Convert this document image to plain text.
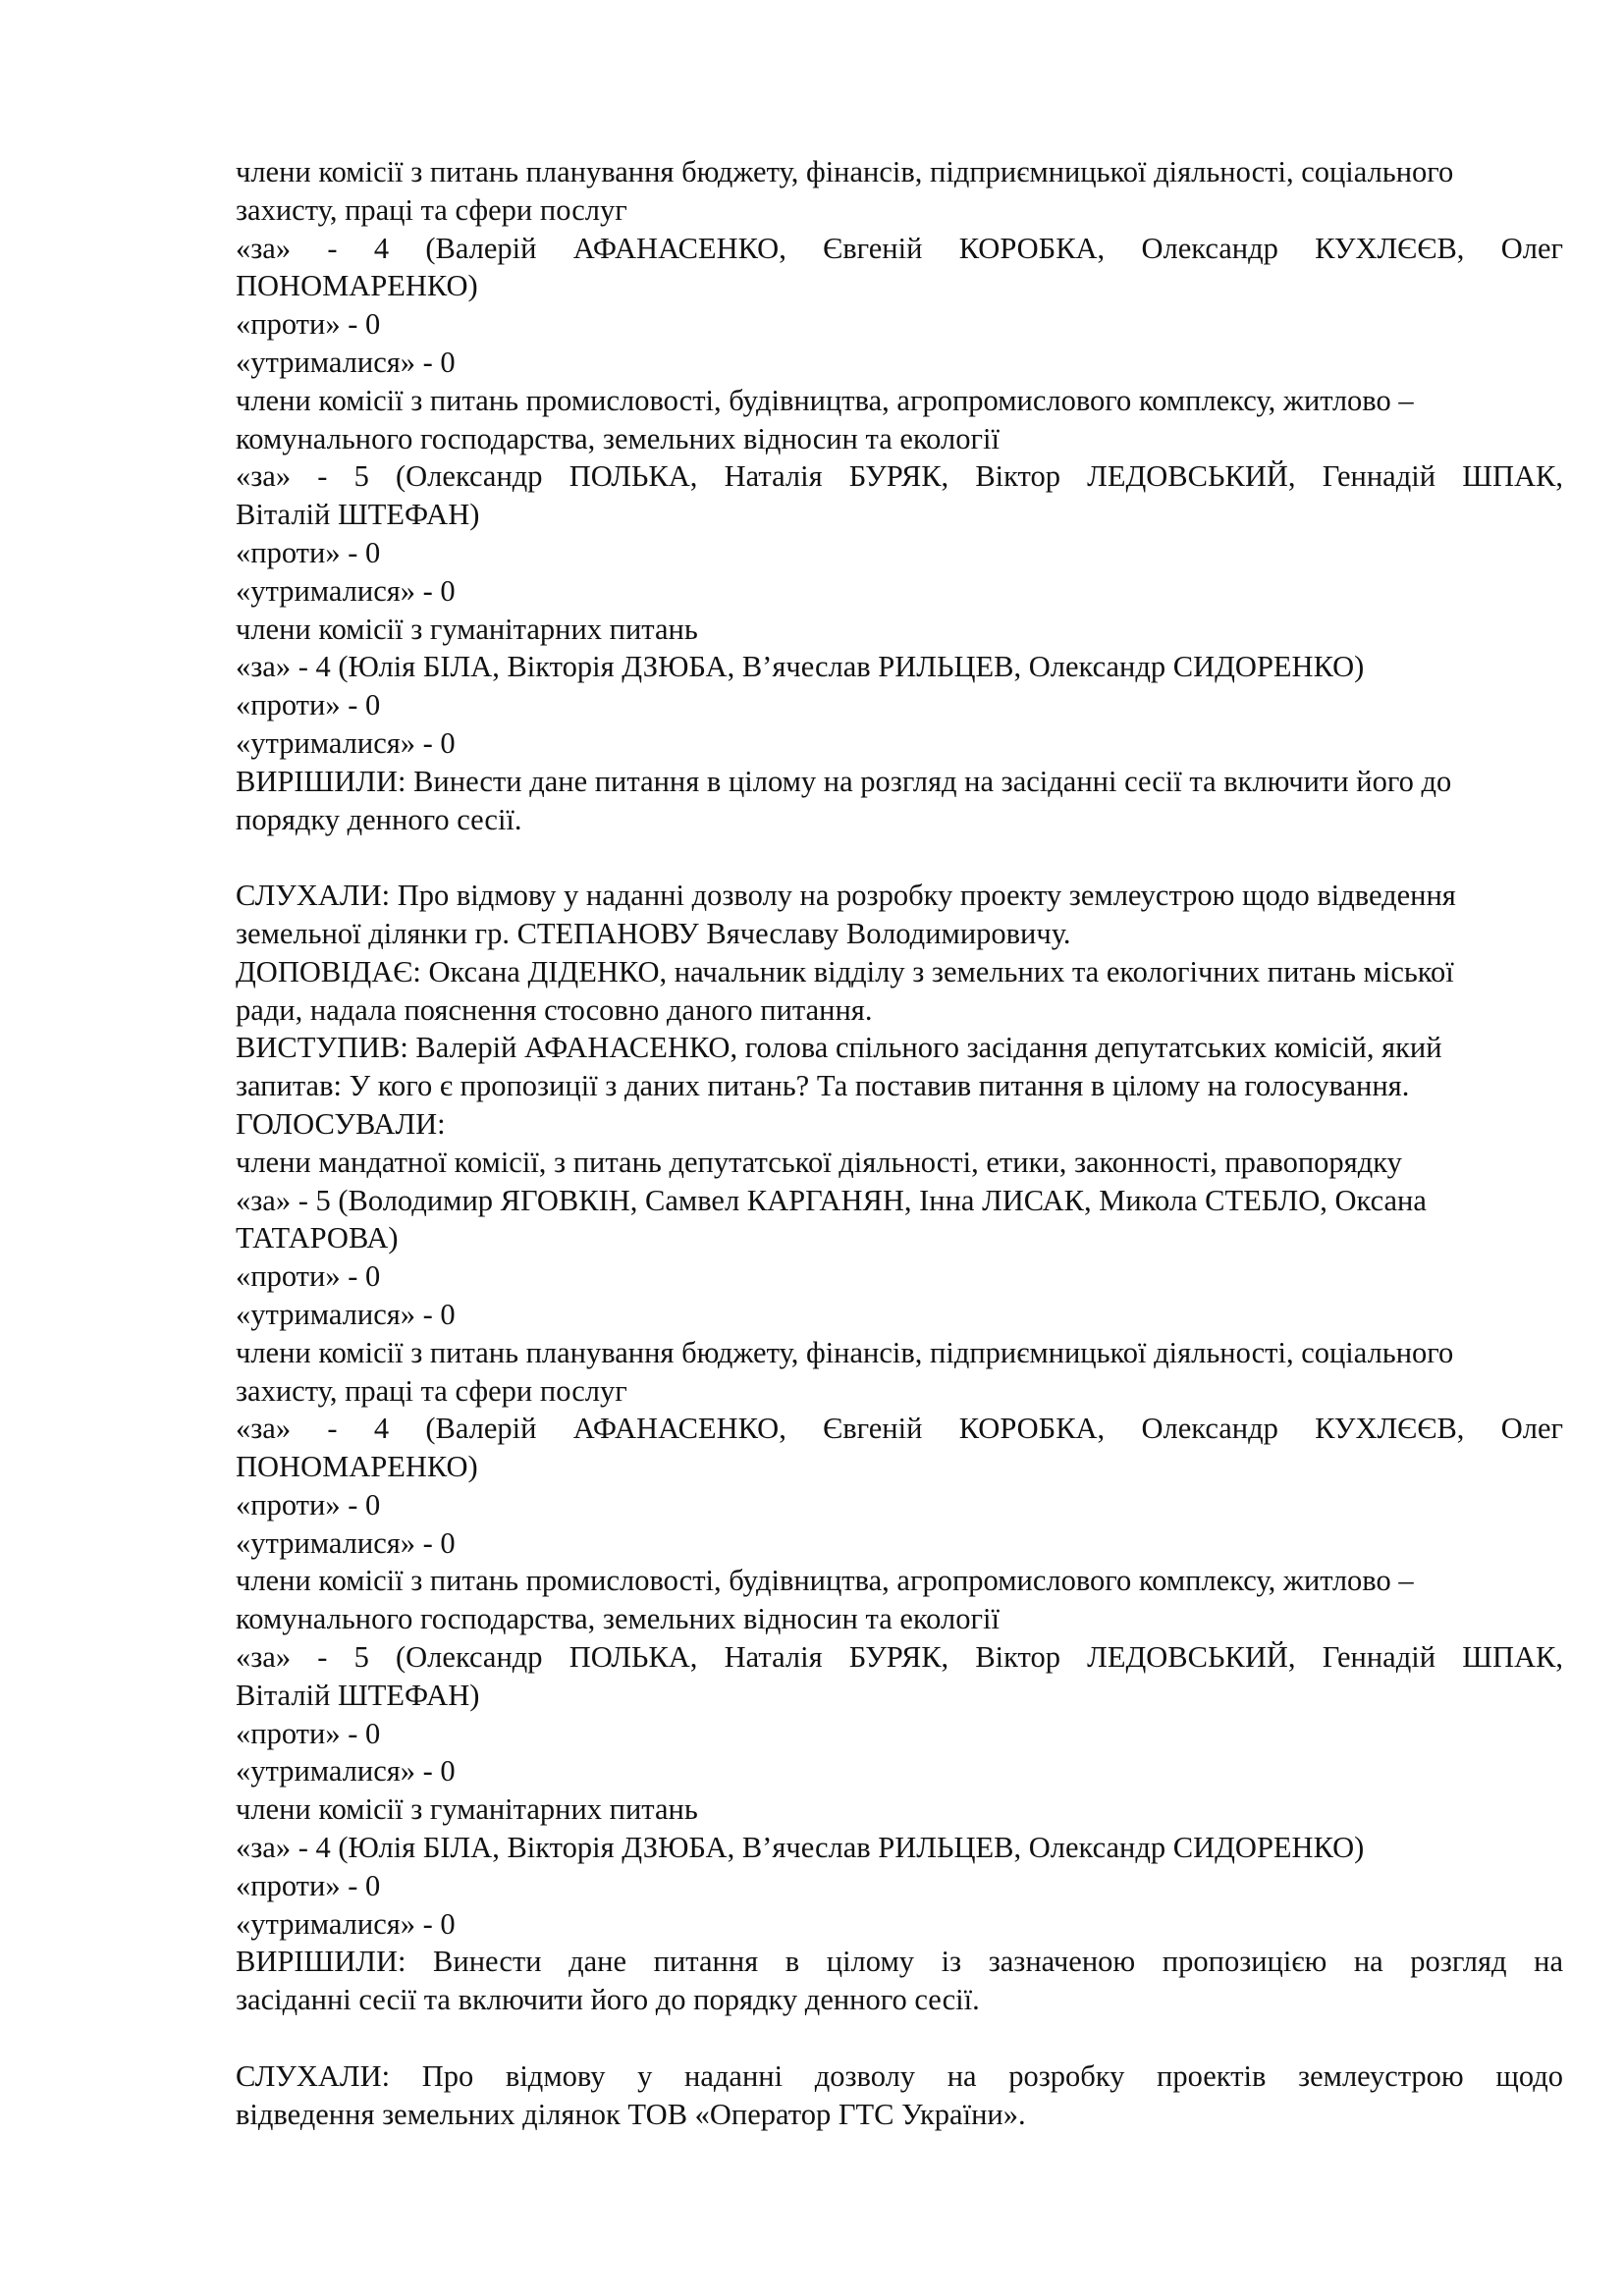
члени комісії з питань планування бюджету, фінансів, підприємницької діяльності, соціального
захисту, праці та сфери послуг
«за» - 4 (Валерій АФАНАСЕНКО, Євгеній КОРОБКА, Олександр КУХЛЄЄВ, Олег
ПОНОМАРЕНКО)
«проти» - 0
«утрималися» - 0
члени комісії з питань промисловості, будівництва, агропромислового комплексу, житлово –
комунального господарства, земельних відносин та екології
«за» - 5 (Олександр ПОЛЬКА, Наталія БУРЯК, Віктор ЛЕДОВСЬКИЙ, Геннадій ШПАК,
Віталій ШТЕФАН)
«проти» - 0
«утрималися» - 0
члени комісії з гуманітарних питань
«за» - 4 (Юлія БІЛА, Вікторія ДЗЮБА, В’ячеслав РИЛЬЦЕВ, Олександр СИДОРЕНКО)
«проти» - 0
«утрималися» - 0
ВИРІШИЛИ: Винести дане питання в цілому на розгляд на засіданні сесії та включити його до
порядку денного сесії.
СЛУХАЛИ: Про відмову у наданні дозволу на розробку проекту землеустрою щодо відведення
земельної ділянки гр. СТЕПАНОВУ Вячеславу Володимировичу.
ДОПОВІДАЄ: Оксана ДІДЕНКО, начальник відділу з земельних та екологічних питань міської
ради, надала пояснення стосовно даного питання.
ВИСТУПИВ: Валерій АФАНАСЕНКО, голова спільного засідання депутатських комісій, який
запитав: У кого є пропозиції з даних питань? Та поставив питання в цілому на голосування.
ГОЛОСУВАЛИ:
члени мандатної комісії, з питань депутатської діяльності, етики, законності, правопорядку
«за» - 5 (Володимир ЯГОВКІН, Самвел КАРГАНЯН, Інна ЛИСАК, Микола СТЕБЛО, Оксана
ТАТАРОВА)
«проти» - 0
«утрималися» - 0
члени комісії з питань планування бюджету, фінансів, підприємницької діяльності, соціального
захисту, праці та сфери послуг
«за» - 4 (Валерій АФАНАСЕНКО, Євгеній КОРОБКА, Олександр КУХЛЄЄВ, Олег
ПОНОМАРЕНКО)
«проти» - 0
«утрималися» - 0
члени комісії з питань промисловості, будівництва, агропромислового комплексу, житлово –
комунального господарства, земельних відносин та екології
«за» - 5 (Олександр ПОЛЬКА, Наталія БУРЯК, Віктор ЛЕДОВСЬКИЙ, Геннадій ШПАК,
Віталій ШТЕФАН)
«проти» - 0
«утрималися» - 0
члени комісії з гуманітарних питань
«за» - 4 (Юлія БІЛА, Вікторія ДЗЮБА, В’ячеслав РИЛЬЦЕВ, Олександр СИДОРЕНКО)
«проти» - 0
«утрималися» - 0
ВИРІШИЛИ: Винести дане питання в цілому із зазначеною пропозицією на розгляд на
засіданні сесії та включити його до порядку денного сесії.
СЛУХАЛИ: Про відмову у наданні дозволу на розробку проектів землеустрою щодо
відведення земельних ділянок ТОВ «Оператор ГТС України».
